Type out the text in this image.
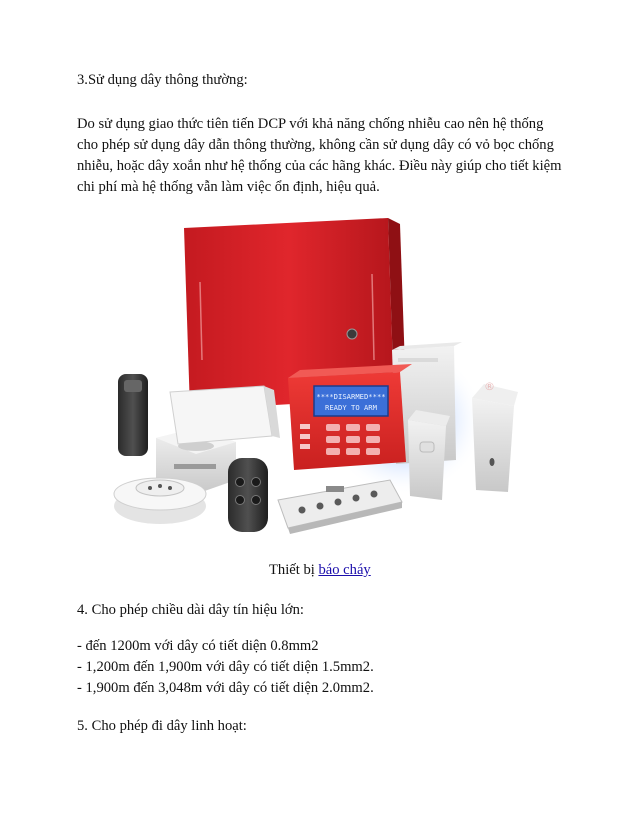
3.Sử dụng dây thông thường:
Do sử dụng giao thức tiên tiến DCP với khả năng chống nhiễu cao nên hệ thống
cho phép sử dụng dây dẫn thông thường, không cần sử dụng dây có vỏ bọc chống
nhiễu, hoặc dây xoắn như hệ thống của các hãng khác. Điều này giúp cho tiết kiệm
chi phí mà hệ thống vẫn làm việc ổn định, hiệu quả.
****DISARMED****
READY TO ARM
®
Thiết bị báo cháy
4. Cho phép chiều dài dây tín hiệu lớn:
- đến 1200m với dây có tiết diện 0.8mm2
- 1,200m đến 1,900m với dây có tiết diện 1.5mm2.
- 1,900m đến 3,048m với dây có tiết diện 2.0mm2.
5. Cho phép đi dây linh hoạt:
